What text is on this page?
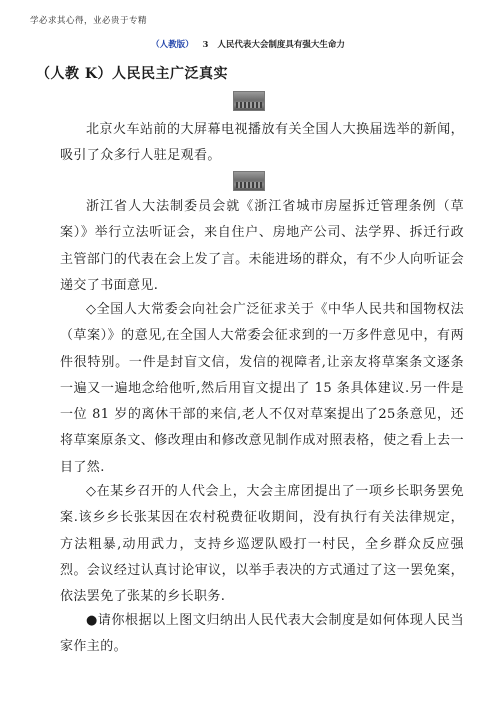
学必求其心得，业必贵于专精
（人教版） 3 人民代表大会制度具有强大生命力
（人教 K）人民民主广泛真实

北京火车站前的大屏幕电视播放有关全国人大换届选举的新闻，吸引了众多行人驻足观看。

浙江省人大法制委员会就《浙江省城市房屋拆迁管理条例（草案）》举行立法听证会，来自住户、房地产公司、法学界、拆迁行政主管部门的代表在会上发了言。未能进场的群众，有不少人向听证会递交了书面意见.

◇全国人大常委会向社会广泛征求关于《中华人民共和国物权法（草案）》的意见,在全国人大常委会征求到的一万多件意见中，有两件很特别。一件是封盲文信，发信的视障者,让亲友将草案条文逐条一遍又一遍地念给他听,然后用盲文提出了 15 条具体建议.另一件是一位 81 岁的离休干部的来信,老人不仅对草案提出了25条意见，还将草案原条文、修改理由和修改意见制作成对照表格，使之看上去一目了然.

◇在某乡召开的人代会上，大会主席团提出了一项乡长职务罢免案.该乡乡长张某因在农村税费征收期间，没有执行有关法律规定，方法粗暴,动用武力，支持乡巡逻队殴打一村民，全乡群众反应强烈。会议经过认真讨论审议，以举手表决的方式通过了这一罢免案，依法罢免了张某的乡长职务.

●请你根据以上图文归纳出人民代表大会制度是如何体现人民当家作主的。
